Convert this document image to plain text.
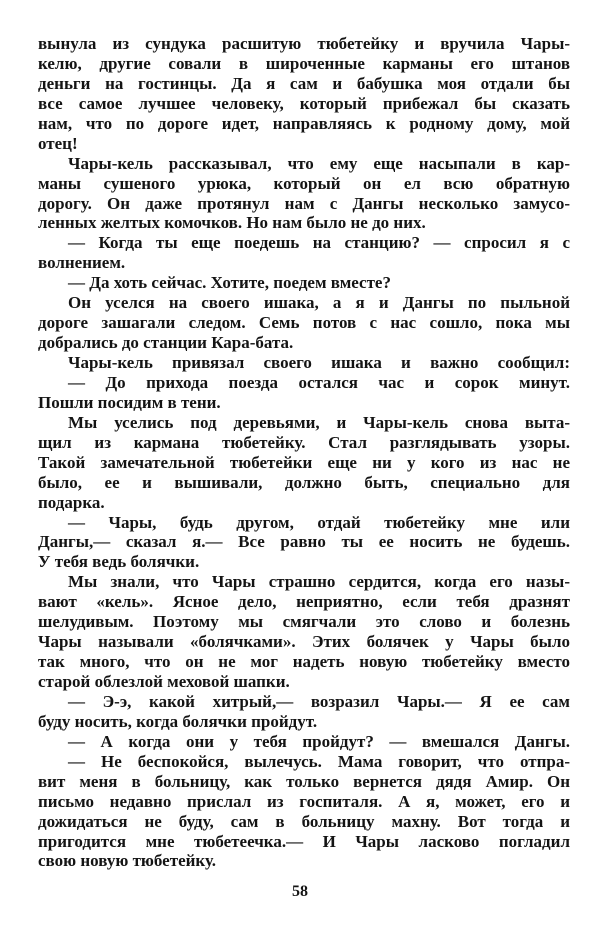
вынула из сундука расшитую тюбетейку и вручила Чары-
келю, другие совали в широченные карманы его штанов
деньги на гостинцы. Да я сам и бабушка моя отдали бы
все самое лучшее человеку, который прибежал бы сказать
нам, что по дороге идет, направляясь к родному дому, мой
отец!
Чары-кель рассказывал, что ему еще насыпали в кар-
маны сушеного урюка, который он ел всю обратную
дорогу. Он даже протянул нам с Дангы несколько замусо-
ленных желтых комочков. Но нам было не до них.
— Когда ты еще поедешь на станцию? — спросил я с
волнением.
— Да хоть сейчас. Хотите, поедем вместе?
Он уселся на своего ишака, а я и Дангы по пыльной
дороге зашагали следом. Семь потов с нас сошло, пока мы
добрались до станции Кара-бата.
Чары-кель привязал своего ишака и важно сообщил:
— До прихода поезда остался час и сорок минут.
Пошли посидим в тени.
Мы уселись под деревьями, и Чары-кель снова выта-
щил из кармана тюбетейку. Стал разглядывать узоры.
Такой замечательной тюбетейки еще ни у кого из нас не
было, ее и вышивали, должно быть, специально для
подарка.
— Чары, будь другом, отдай тюбетейку мне или
Дангы,— сказал я.— Все равно ты ее носить не будешь.
У тебя ведь болячки.
Мы знали, что Чары страшно сердится, когда его назы-
вают «кель». Ясное дело, неприятно, если тебя дразнят
шелудивым. Поэтому мы смягчали это слово и болезнь
Чары называли «болячками». Этих болячек у Чары было
так много, что он не мог надеть новую тюбетейку вместо
старой облезлой меховой шапки.
— Э-э, какой хитрый,— возразил Чары.— Я ее сам
буду носить, когда болячки пройдут.
— А когда они у тебя пройдут? — вмешался Дангы.
— Не беспокойся, вылечусь. Мама говорит, что отпра-
вит меня в больницу, как только вернется дядя Амир. Он
письмо недавно прислал из госпиталя. А я, может, его и
дожидаться не буду, сам в больницу махну. Вот тогда и
пригодится мне тюбетеечка.— И Чары ласково погладил
свою новую тюбетейку.
58
